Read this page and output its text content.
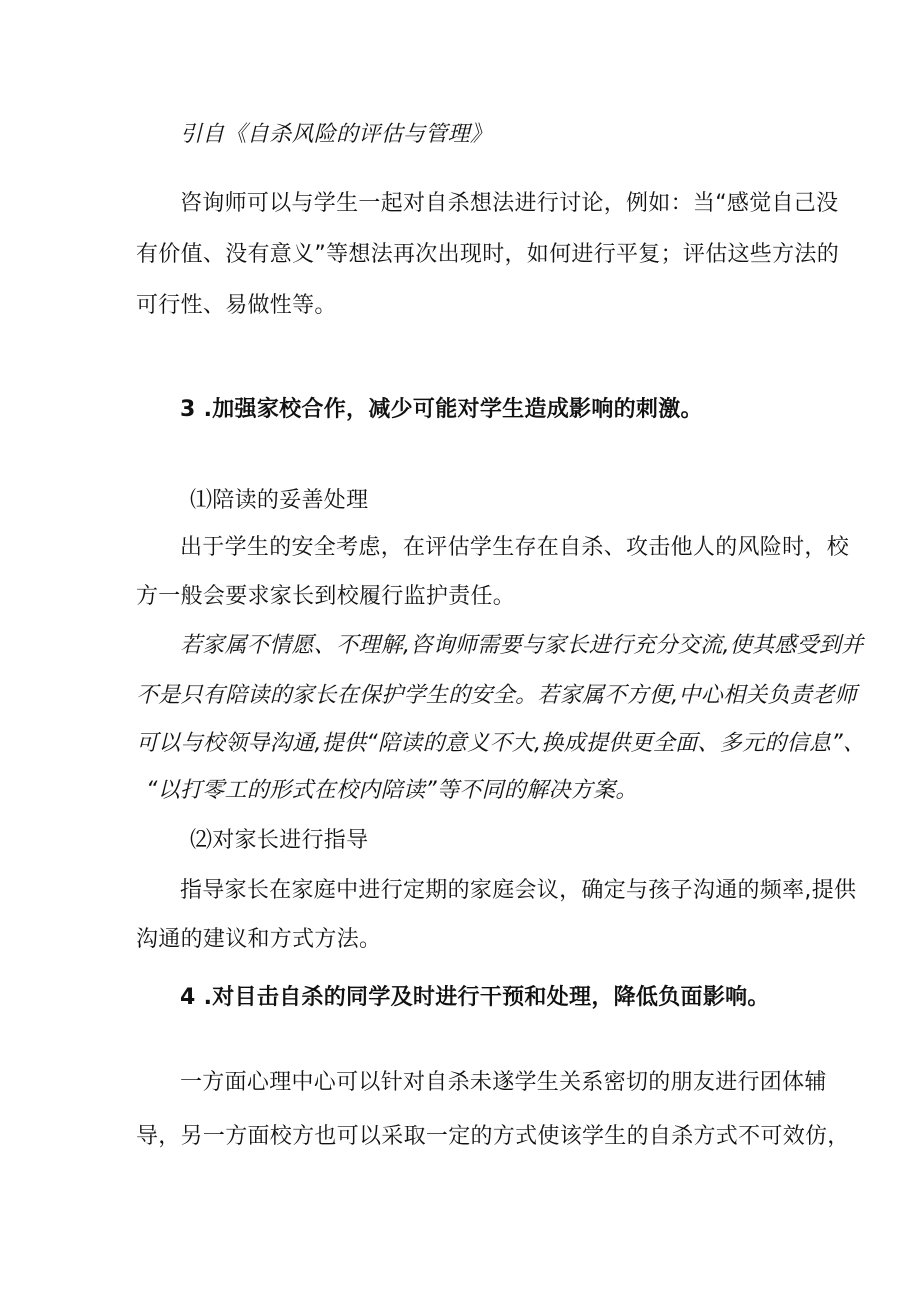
引自《自杀风险的评估与管理》
咨询师可以与学生一起对自杀想法进行讨论，例如：当“感觉自己没
有价值、没有意义”等想法再次出现时，如何进行平复；评估这些方法的
可行性、易做性等。
3 .加强家校合作，减少可能对学生造成影响的刺激。
⑴陪读的妥善处理
出于学生的安全考虑，在评估学生存在自杀、攻击他人的风险时，校
方一般会要求家长到校履行监护责任。
若家属不情愿、不理解,咨询师需要与家长进行充分交流,使其感受到并
不是只有陪读的家长在保护学生的安全。若家属不方便,中心相关负责老师
可以与校领导沟通,提供“陪读的意义不大,换成提供更全面、多元的信息”、
“以打零工的形式在校内陪读”等不同的解决方案。
⑵对家长进行指导
指导家长在家庭中进行定期的家庭会议，确定与孩子沟通的频率,提供
沟通的建议和方式方法。
4 .对目击自杀的同学及时进行干预和处理，降低负面影响。
一方面心理中心可以针对自杀未遂学生关系密切的朋友进行团体辅
导，另一方面校方也可以采取一定的方式使该学生的自杀方式不可效仿，
